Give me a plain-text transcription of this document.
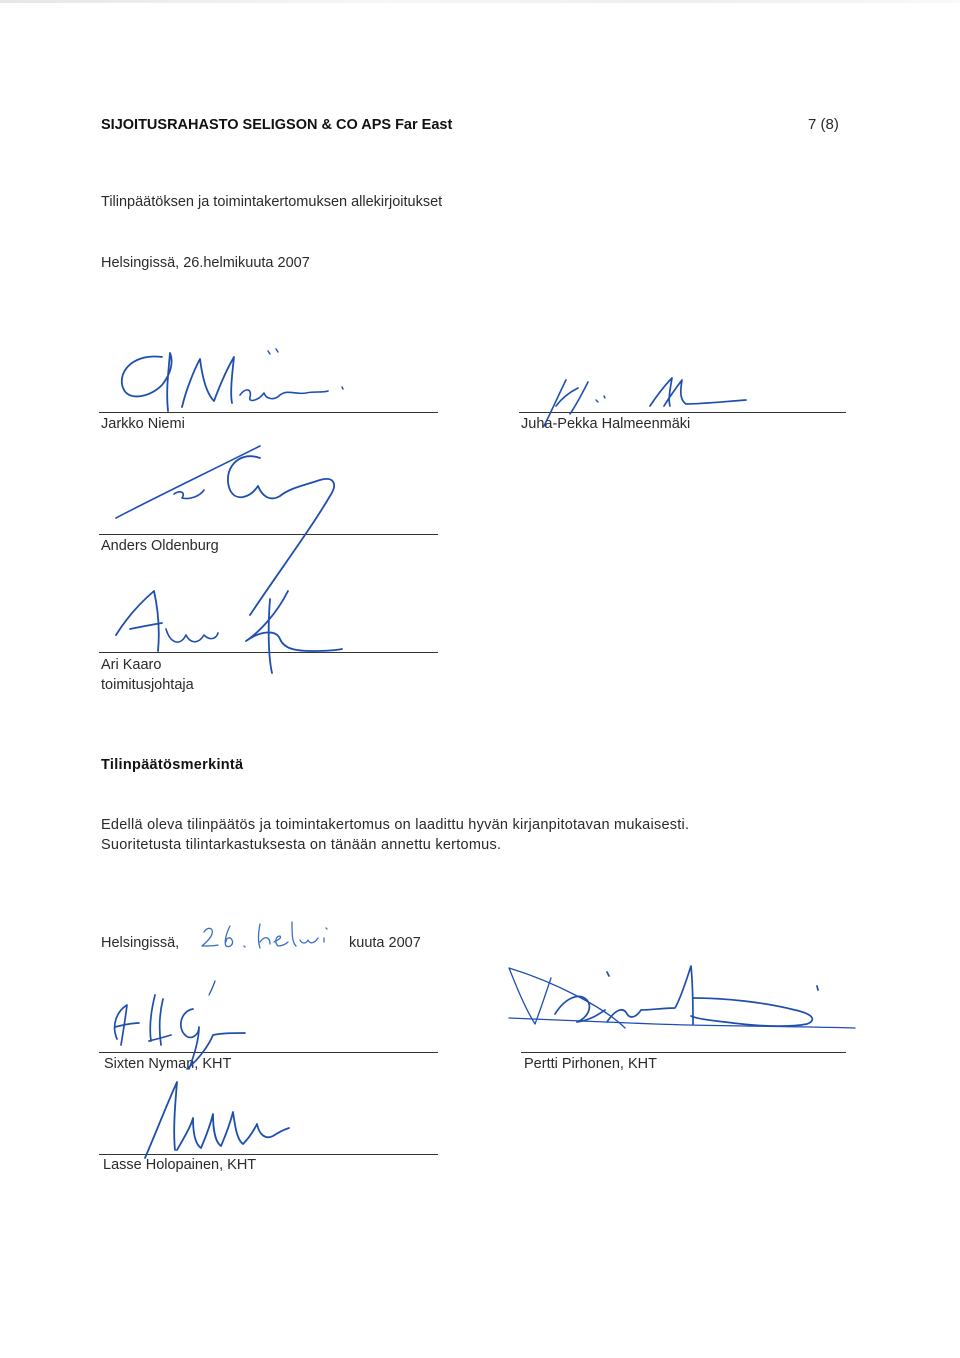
SIJOITUSRAHASTO SELIGSON & CO APS Far East	7 (8)
Tilinpäätöksen ja toimintakertomuksen allekirjoitukset
Helsingissä, 26.helmikuuta 2007
Jarkko Niemi	Juha-Pekka Halmeenmäki
Anders Oldenburg
Ari Kaaro
toimitusjohtaja
Tilinpäätösmerkintä
Edellä oleva tilinpäätös ja toimintakertomus on laadittu hyvän kirjanpitotavan mukaisesti.
Suoritetusta tilintarkastuksesta on tänään annettu kertomus.
Helsingissä,	kuuta 2007
Sixten Nyman, KHT	Pertti Pirhonen, KHT
Lasse Holopainen, KHT
